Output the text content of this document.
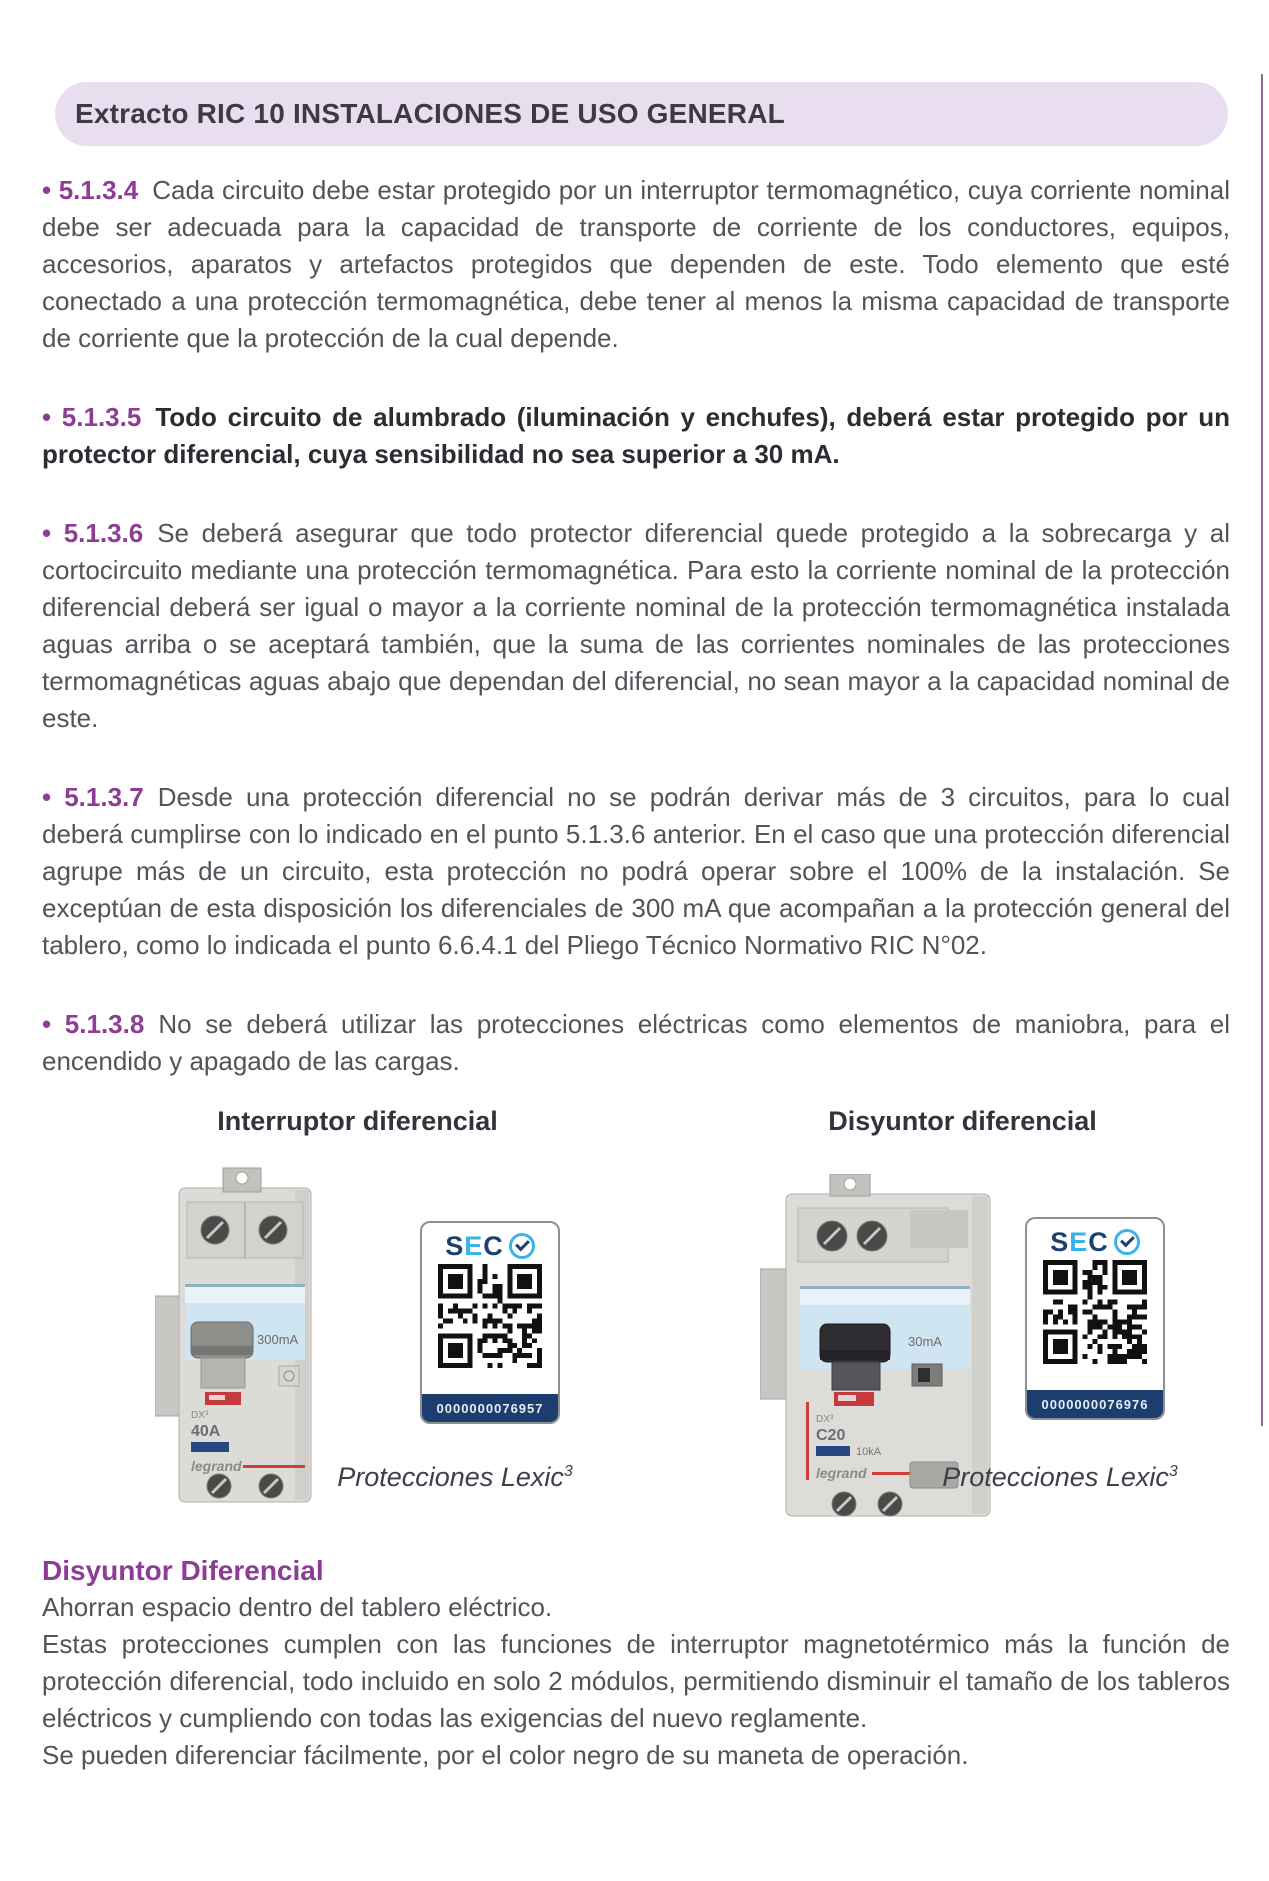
Extracto RIC 10 INSTALACIONES DE USO GENERAL

• 5.1.3.4 Cada circuito debe estar protegido por un interruptor termomagnético, cuya corriente nominal debe ser adecuada para la capacidad de transporte de corriente de los conductores, equipos, accesorios, aparatos y artefactos protegidos que dependen de este. Todo elemento que esté conectado a una protección termomagnética, debe tener al menos la misma capacidad de transporte de corriente que la protección de la cual depende.

• 5.1.3.5 Todo circuito de alumbrado (iluminación y enchufes), deberá estar protegido por un protector diferencial, cuya sensibilidad no sea superior a 30 mA.

• 5.1.3.6 Se deberá asegurar que todo protector diferencial quede protegido a la sobrecarga y al cortocircuito mediante una protección termomagnética. Para esto la corriente nominal de la protección diferencial deberá ser igual o mayor a la corriente nominal de la protección termomagnética instalada aguas arriba o se aceptará también, que la suma de las corrientes nominales de las protecciones termomagnéticas aguas abajo que dependan del diferencial, no sean mayor a la capacidad nominal de este.

• 5.1.3.7 Desde una protección diferencial no se podrán derivar más de 3 circuitos, para lo cual deberá cumplirse con lo indicado en el punto 5.1.3.6 anterior. En el caso que una protección diferencial agrupe más de un circuito, esta protección no podrá operar sobre el 100% de la instalación. Se exceptúan de esta disposición los diferenciales de 300 mA que acompañan a la protección general del tablero, como lo indicada el punto 6.6.4.1 del Pliego Técnico Normativo RIC N°02.

• 5.1.3.8 No se deberá utilizar las protecciones eléctricas como elementos de maniobra, para el encendido y apagado de las cargas.

Interruptor diferencial
300mA
DX³
40A
legrand
S E C
0000000076957
Protecciones Lexic$^3$
Disyuntor diferencial
30mA
DX³
C20
10kA
legrand
S E C
0000000076976
Protecciones Lexic$^3$

Disyuntor Diferencial

Ahorran espacio dentro del tablero eléctrico.

Estas protecciones cumplen con las funciones de interruptor magnetotérmico más la función de protección diferencial, todo incluido en solo 2 módulos, permitiendo disminuir el tamaño de los tableros eléctricos y cumpliendo con todas las exigencias del nuevo reglamente.

Se pueden diferenciar fácilmente, por el color negro de su maneta de operación.
